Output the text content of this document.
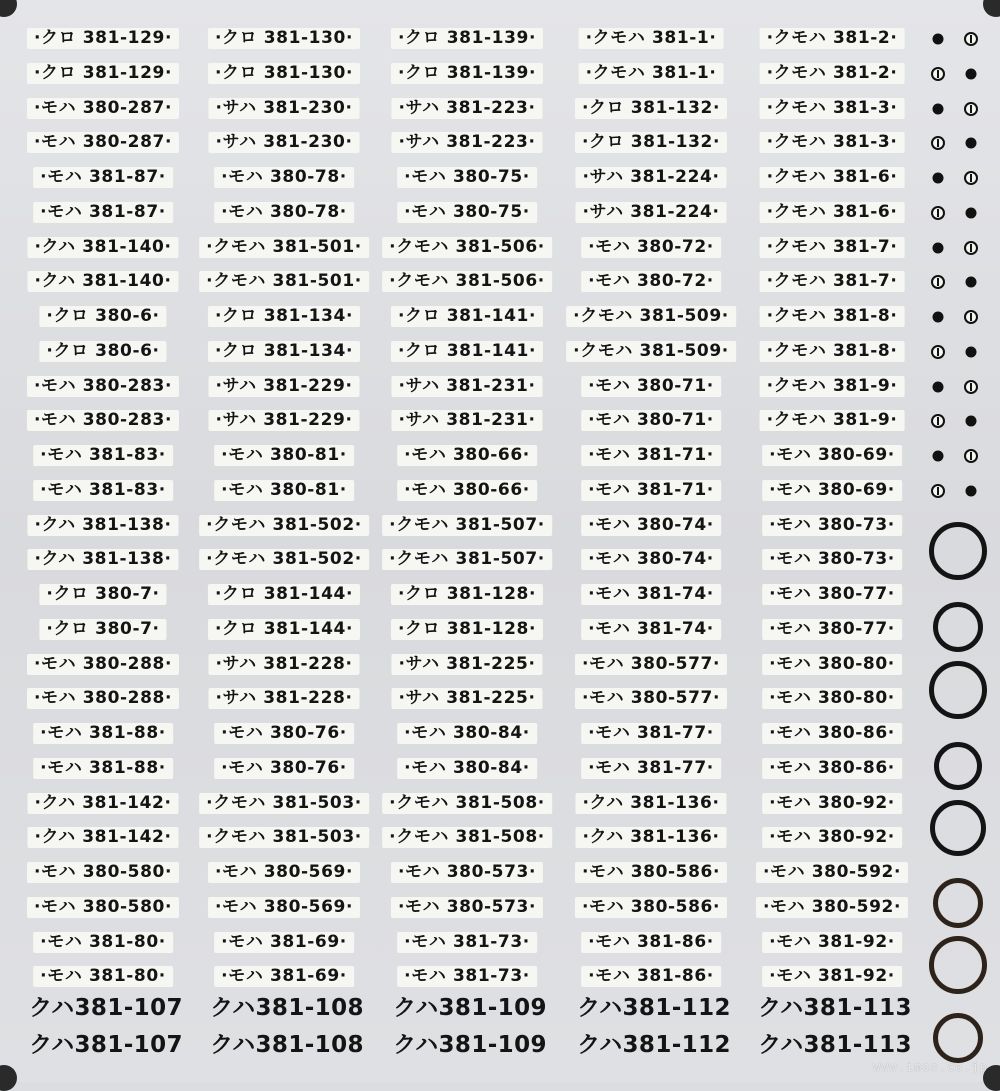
·クロ 381-129·	·クロ 381-130·	·クロ 381-139·	·クモハ 381-1·	·クモハ 381-2·
·クロ 381-129·	·クロ 381-130·	·クロ 381-139·	·クモハ 381-1·	·クモハ 381-2·
·モハ 380-287·	·サハ 381-230·	·サハ 381-223·	·クロ 381-132·	·クモハ 381-3·
·モハ 380-287·	·サハ 381-230·	·サハ 381-223·	·クロ 381-132·	·クモハ 381-3·
·モハ 381-87·	·モハ 380-78·	·モハ 380-75·	·サハ 381-224·	·クモハ 381-6·
·モハ 381-87·	·モハ 380-78·	·モハ 380-75·	·サハ 381-224·	·クモハ 381-6·
·クハ 381-140·	·クモハ 381-501·	·クモハ 381-506·	·モハ 380-72·	·クモハ 381-7·
·クハ 381-140·	·クモハ 381-501·	·クモハ 381-506·	·モハ 380-72·	·クモハ 381-7·
·クロ 380-6·	·クロ 381-134·	·クロ 381-141·	·クモハ 381-509·	·クモハ 381-8·
·クロ 380-6·	·クロ 381-134·	·クロ 381-141·	·クモハ 381-509·	·クモハ 381-8·
·モハ 380-283·	·サハ 381-229·	·サハ 381-231·	·モハ 380-71·	·クモハ 381-9·
·モハ 380-283·	·サハ 381-229·	·サハ 381-231·	·モハ 380-71·	·クモハ 381-9·
·モハ 381-83·	·モハ 380-81·	·モハ 380-66·	·モハ 381-71·	·モハ 380-69·
·モハ 381-83·	·モハ 380-81·	·モハ 380-66·	·モハ 381-71·	·モハ 380-69·
·クハ 381-138·	·クモハ 381-502·	·クモハ 381-507·	·モハ 380-74·	·モハ 380-73·
·クハ 381-138·	·クモハ 381-502·	·クモハ 381-507·	·モハ 380-74·	·モハ 380-73·
·クロ 380-7·	·クロ 381-144·	·クロ 381-128·	·モハ 381-74·	·モハ 380-77·
·クロ 380-7·	·クロ 381-144·	·クロ 381-128·	·モハ 381-74·	·モハ 380-77·
·モハ 380-288·	·サハ 381-228·	·サハ 381-225·	·モハ 380-577·	·モハ 380-80·
·モハ 380-288·	·サハ 381-228·	·サハ 381-225·	·モハ 380-577·	·モハ 380-80·
·モハ 381-88·	·モハ 380-76·	·モハ 380-84·	·モハ 381-77·	·モハ 380-86·
·モハ 381-88·	·モハ 380-76·	·モハ 380-84·	·モハ 381-77·	·モハ 380-86·
·クハ 381-142·	·クモハ 381-503·	·クモハ 381-508·	·クハ 381-136·	·モハ 380-92·
·クハ 381-142·	·クモハ 381-503·	·クモハ 381-508·	·クハ 381-136·	·モハ 380-92·
·モハ 380-580·	·モハ 380-569·	·モハ 380-573·	·モハ 380-586·	·モハ 380-592·
·モハ 380-580·	·モハ 380-569·	·モハ 380-573·	·モハ 380-586·	·モハ 380-592·
·モハ 381-80·	·モハ 381-69·	·モハ 381-73·	·モハ 381-86·	·モハ 381-92·
·モハ 381-80·	·モハ 381-69·	·モハ 381-73·	·モハ 381-86·	·モハ 381-92·
クハ381-107 クハ381-108 クハ381-109 クハ381-112 クハ381-113
クハ381-107 クハ381-108 クハ381-109 クハ381-112 クハ381-113
www.imon.co.jp
